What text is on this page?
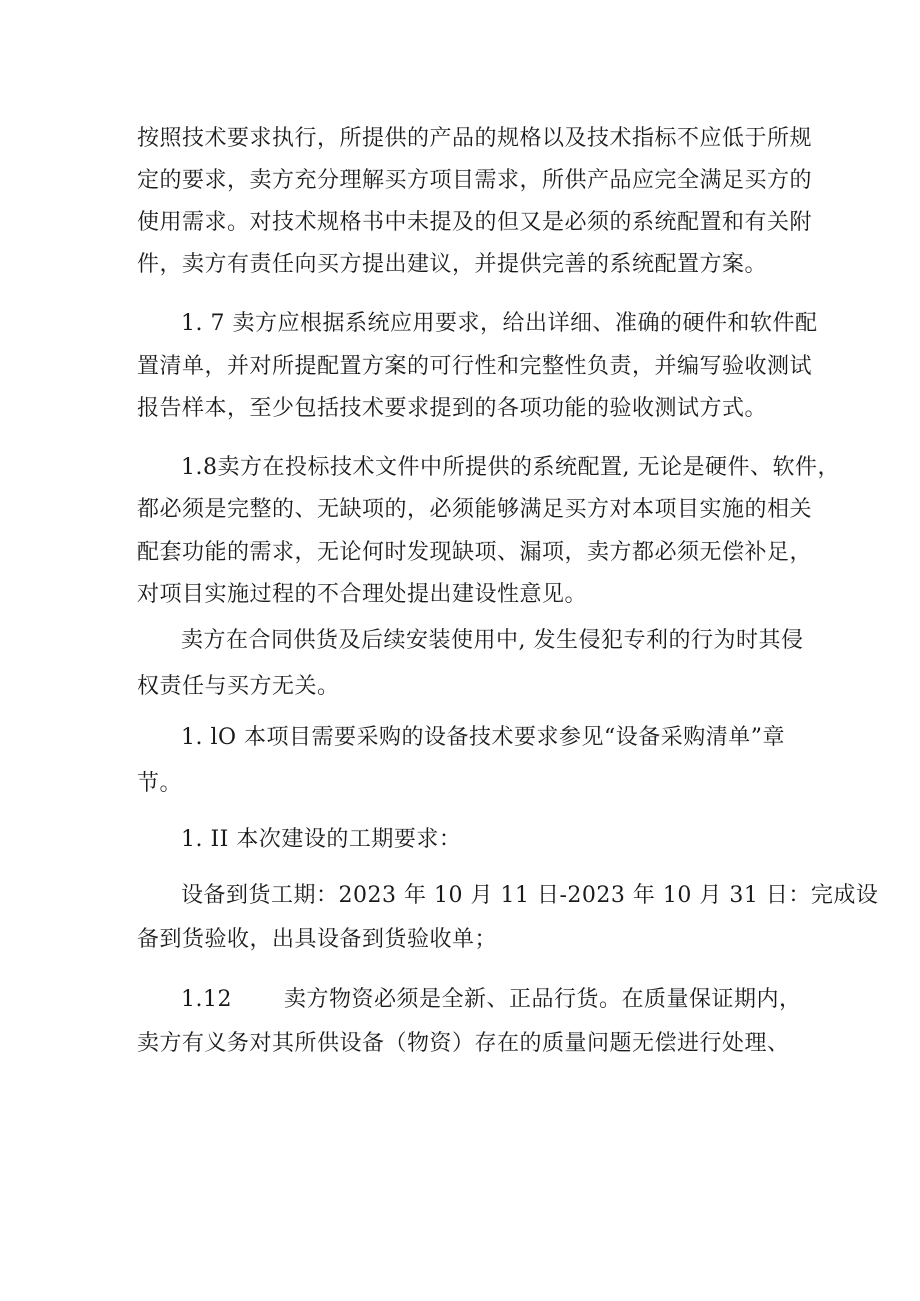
按照技术要求执行，所提供的产品的规格以及技术指标不应低于所规
定的要求，卖方充分理解买方项目需求，所供产品应完全满足买方的
使用需求。对技术规格书中未提及的但又是必须的系统配置和有关附
件，卖方有责任向买方提出建议，并提供完善的系统配置方案。
1. 7 卖方应根据系统应用要求，给出详细、准确的硬件和软件配
置清单，并对所提配置方案的可行性和完整性负责，并编写验收测试
报告样本，至少包括技术要求提到的各项功能的验收测试方式。
1.8卖方在投标技术文件中所提供的系统配置, 无论是硬件、软件，
都必须是完整的、无缺项的，必须能够满足买方对本项目实施的相关
配套功能的需求，无论何时发现缺项、漏项，卖方都必须无偿补足，
对项目实施过程的不合理处提出建设性意见。
卖方在合同供货及后续安装使用中, 发生侵犯专利的行为时其侵
权责任与买方无关。
1. lO 本项目需要采购的设备技术要求参见“设备采购清单”章
节。
1. II 本次建设的工期要求：
设备到货工期：2023 年 10 月 11 日-2023 年 10 月 31 日：完成设
备到货验收，出具设备到货验收单；
1.12 卖方物资必须是全新、正品行货。在质量保证期内，
卖方有义务对其所供设备（物资）存在的质量问题无偿进行处理、
